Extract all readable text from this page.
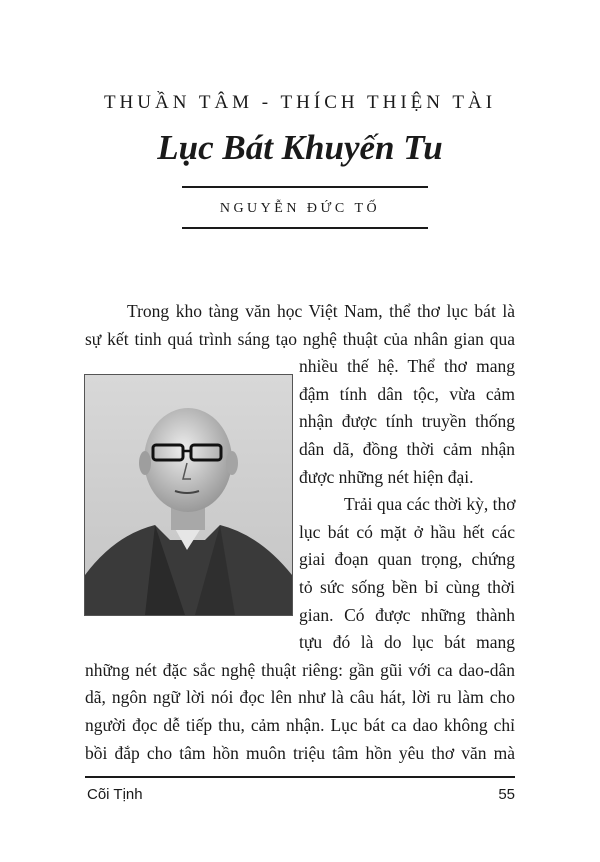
THUẦN TÂM - THÍCH THIỆN TÀI
Lục Bát Khuyến Tu
NGUYỄN ĐỨC TỐ
Trong kho tàng văn học Việt Nam, thể thơ lục bát là
sự kết tinh quá trình sáng tạo nghệ thuật của nhân gian qua
nhiều thế hệ. Thể thơ mang
đậm tính dân tộc, vừa cảm
nhận được tính truyền thống
dân dã, đồng thời cảm nhận
được những nét hiện đại.
Trải qua các thời kỳ, thơ
lục bát có mặt ở hầu hết các
giai đoạn quan trọng, chứng
tỏ sức sống bền bỉ cùng thời
gian. Có được những thành
tựu đó là do lục bát mang
những nét đặc sắc nghệ thuật riêng: gần gũi với ca dao-dân
dã, ngôn ngữ lời nói đọc lên như là câu hát, lời ru làm cho
người đọc dễ tiếp thu, cảm nhận. Lục bát ca dao không chỉ
Cõi Tịnh	55
bồi đắp cho tâm hồn muôn triệu tâm hồn yêu thơ văn mà
